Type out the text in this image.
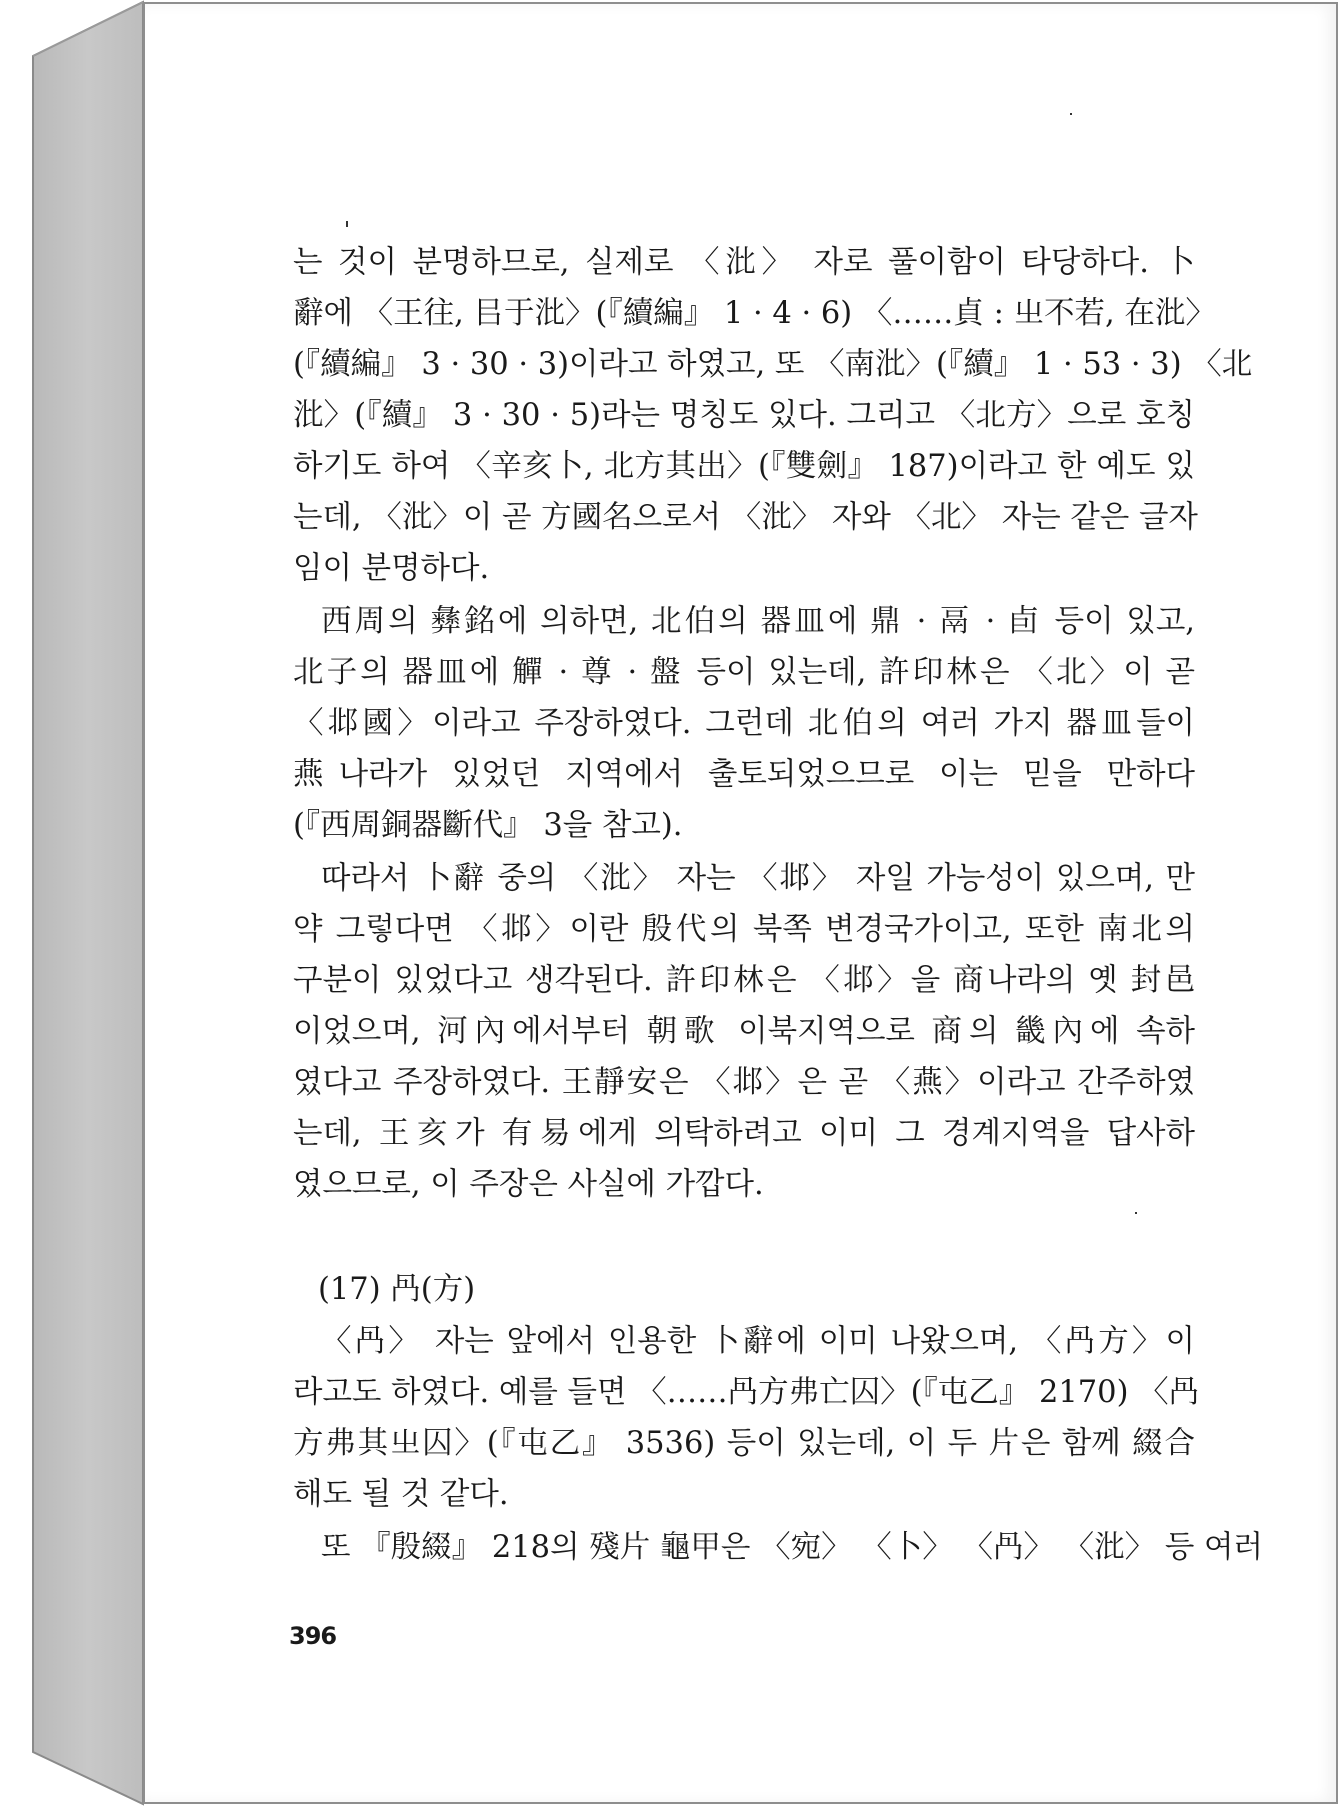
는 것이 분명하므로, 실제로 〈沘〉 자로 풀이함이 타당하다. 卜
辭에 〈王往, 㠯于沘〉(『續編』 1 · 4 · 6) 〈……貞 : 㞢不若, 在沘〉
(『續編』 3 · 30 · 3)이라고 하였고, 또 〈南沘〉(『續』 1 · 53 · 3) 〈北
沘〉(『續』 3 · 30 · 5)라는 명칭도 있다. 그리고 〈北方〉으로 호칭
하기도 하여 〈辛亥卜, 北方其出〉(『雙劍』 187)이라고 한 예도 있
는데, 〈沘〉이 곧 方國名으로서 〈沘〉 자와 〈北〉 자는 같은 글자
임이 분명하다.
西周의 彝銘에 의하면, 北伯의 器皿에 鼎 · 鬲 · 卣 등이 있고,
北子의 器皿에 觶 · 尊 · 盤 등이 있는데, 許印林은 〈北〉이 곧
〈邶國〉이라고 주장하였다. 그런데 北伯의 여러 가지 器皿들이
燕나라가 있었던 지역에서 출토되었으므로 이는 믿을 만하다
(『西周銅器斷代』 3을 참고).
따라서 卜辭 중의 〈沘〉 자는 〈邶〉 자일 가능성이 있으며, 만
약 그렇다면 〈邶〉이란 殷代의 북쪽 변경국가이고, 또한 南北의
구분이 있었다고 생각된다. 許印林은 〈邶〉을 商나라의 옛 封邑
이었으며, 河內에서부터 朝歌 이북지역으로 商의 畿內에 속하
였다고 주장하였다. 王靜安은 〈邶〉은 곧 〈燕〉이라고 간주하였
는데, 王亥가 有易에게 의탁하려고 이미 그 경계지역을 답사하
였으므로, 이 주장은 사실에 가깝다.
(17) 冎(方)
〈冎〉 자는 앞에서 인용한 卜辭에 이미 나왔으며, 〈冎方〉이
라고도 하였다. 예를 들면 〈……冎方弗亡囚〉(『屯乙』 2170) 〈冎
方弗其㞢囚〉(『屯乙』 3536) 등이 있는데, 이 두 片은 함께 綴合
해도 될 것 같다.
또 『殷綴』 218의 殘片 龜甲은 〈宛〉 〈卜〉 〈冎〉 〈沘〉 등 여러
396
